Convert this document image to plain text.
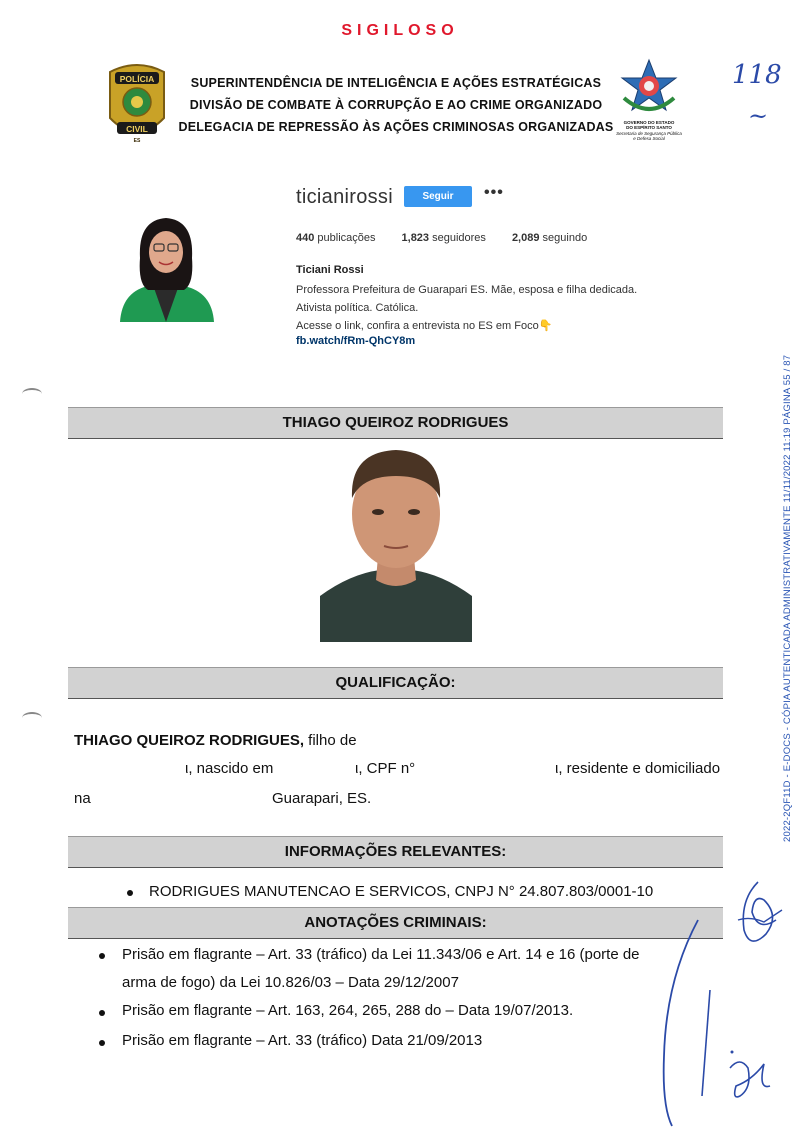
SIGILOSO
POLÍCIA
CIVIL
ES
SUPERINTENDÊNCIA DE INTELIGÊNCIA E AÇÕES ESTRATÉGICAS
DIVISÃO DE COMBATE À CORRUPÇÃO E AO CRIME ORGANIZADO
DELEGACIA DE REPRESSÃO ÀS AÇÕES CRIMINOSAS ORGANIZADAS	GOVERNO DO ESTADO
DO ESPÍRITO SANTO
Secretaria de Segurança Pública
e Defesa Social
118
~
ticianirossi	Seguir	•••
440 publicações 1,823 seguidores 2,089 seguindo
Ticiani Rossi
Professora Prefeitura de Guarapari ES. Mãe, esposa e filha dedicada.
Ativista política. Católica.
Acesse o link, confira a entrevista no ES em Foco👇
fb.watch/fRm-QhCY8m
THIAGO QUEIROZ RODRIGUES
QUALIFICAÇÃO:
THIAGO QUEIROZ RODRIGUES, filho de
ι, nascido em	ι, CPF n°	ι, residente e domiciliado
na	Guarapari, ES.
INFORMAÇÕES RELEVANTES:
RODRIGUES MANUTENCAO E SERVICOS, CNPJ N° 24.807.803/0001-10
ANOTAÇÕES CRIMINAIS:
Prisão em flagrante – Art. 33 (tráfico) da Lei 11.343/06 e Art. 14 e 16 (porte de
arma de fogo) da Lei 10.826/03 – Data 29/12/2007
Prisão em flagrante – Art. 163, 264, 265, 288 do – Data 19/07/2013.
Prisão em flagrante – Art. 33 (tráfico) Data 21/09/2013
2022-2QF11D - E-DOCS - CÓPIA AUTENTICADA ADMINISTRATIVAMENTE 11/11/2022 11:19 PÁGINA 55 / 87
